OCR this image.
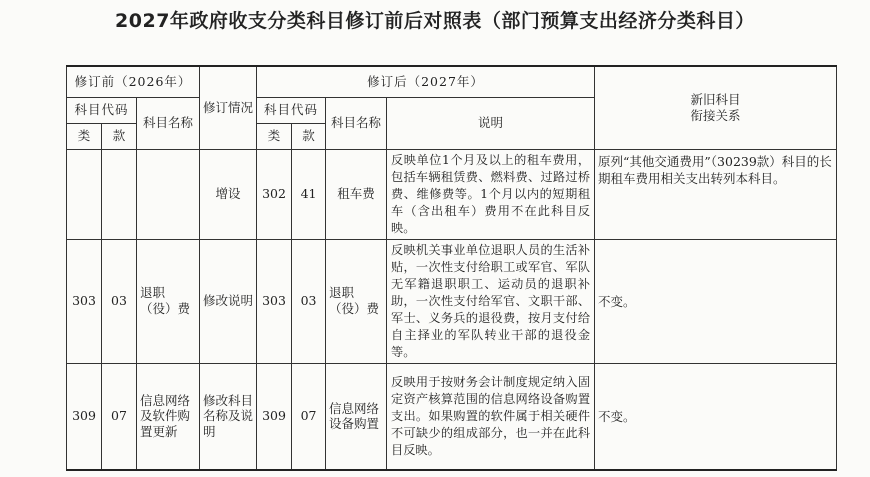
2027年政府收支分类科目修订前后对照表（部门预算支出经济分类科目）
修订前（2026年）			修订情况	修订后（2027年）				新旧科目
衔接关系
科目代码		科目名称		科目代码		科目名称	说明	
类	款			类	款			
			增设	302	41	租车费	反映单位1个月及以上的租车费用，包括车辆租赁费、燃料费、过路过桥费、维修费等。1个月以内的短期租车（含出租车）费用不在此科目反映。	原列“其他交通费用”（30239款）科目的长期租车费用相关支出转列本科目。
303	03	退职（役）费	修改说明	303	03	退职（役）费	反映机关事业单位退职人员的生活补贴，一次性支付给职工或军官、军队无军籍退职职工、运动员的退职补助，一次性支付给军官、文职干部、军士、义务兵的退役费，按月支付给自主择业的军队转业干部的退役金等。	不变。
309	07	信息网络及软件购置更新	修改科目名称及说明	309	07	信息网络设备购置	反映用于按财务会计制度规定纳入固定资产核算范围的信息网络设备购置支出。如果购置的软件属于相关硬件不可缺少的组成部分，也一并在此科目反映。	不变。
